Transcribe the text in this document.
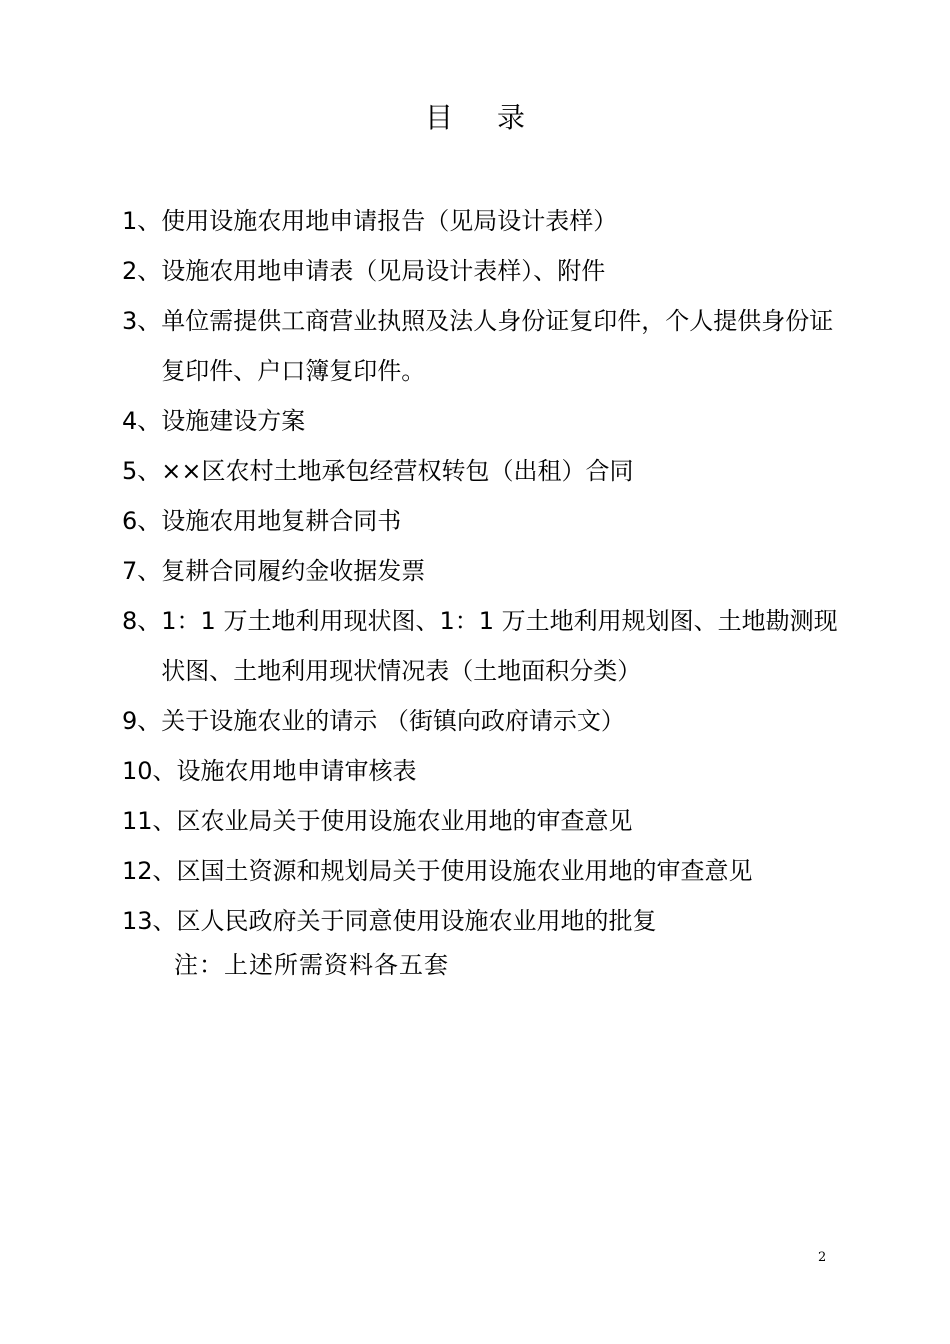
目录
1、 使用设施农用地申请报告（见局设计表样）
2、 设施农用地申请表（见局设计表样）、附件
3、 单位需提供工商营业执照及法人身份证复印件，个人提供身份证复印件、户口簿复印件。
4、 设施建设方案
5、 ××区农村土地承包经营权转包（出租）合同
6、 设施农用地复耕合同书
7、 复耕合同履约金收据发票
8、 1：1 万土地利用现状图、1：1 万土地利用规划图、土地勘测现状图、土地利用现状情况表（土地面积分类）
9、 关于设施农业的请示 （街镇向政府请示文）
10、 设施农用地申请审核表
11、 区农业局关于使用设施农业用地的审查意见
12、 区国土资源和规划局关于使用设施农业用地的审查意见
13、 区人民政府关于同意使用设施农业用地的批复
注：上述所需资料各五套
2
